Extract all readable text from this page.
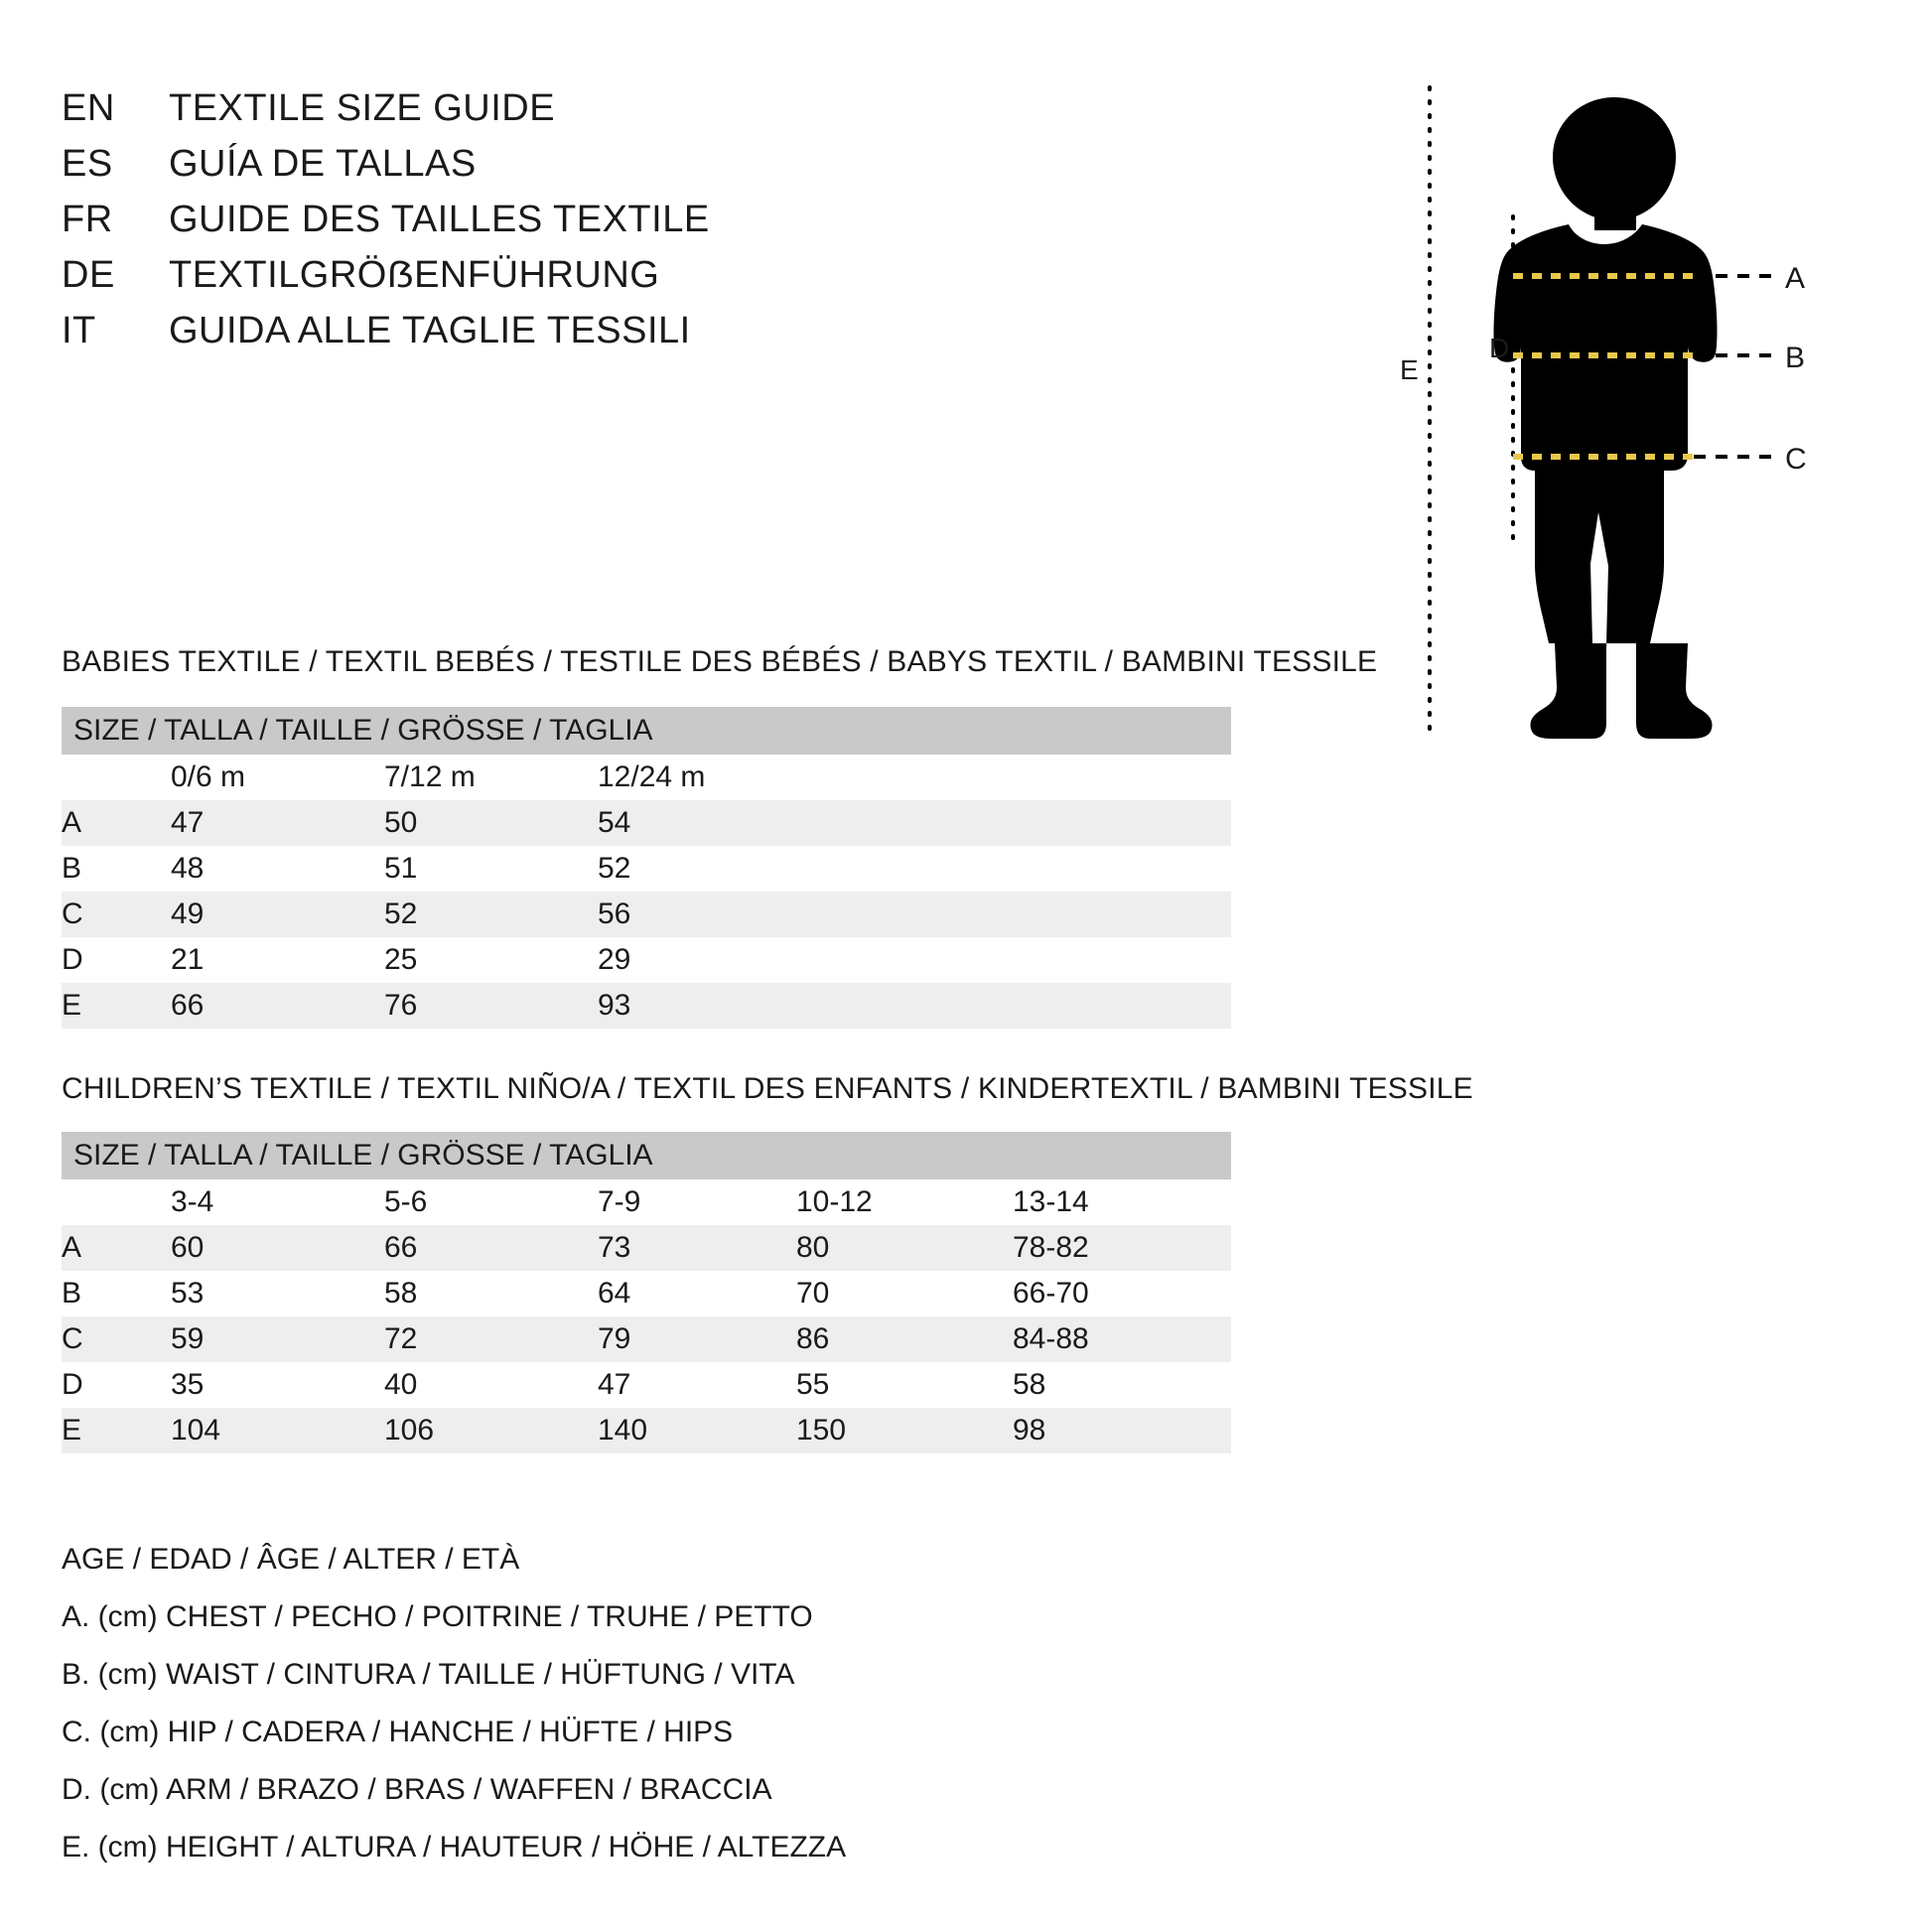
EN	TEXTILE SIZE GUIDE
ES	GUÍA DE TALLAS
FR	GUIDE DES TAILLES TEXTILE
DE	TEXTILGRÖẞENFÜHRUNG
IT	GUIDA ALLE TAGLIE TESSILI
A
B
C
D
E
BABIES TEXTILE / TEXTIL BEBÉS / TESTILE DES BÉBÉS / BABYS TEXTIL / BAMBINI TESSILE
SIZE / TALLA / TAILLE / GRÖSSE / TAGLIA			
	0/6 m	7/12 m	12/24 m
A	47	50	54
B	48	51	52
C	49	52	56
D	21	25	29
E	66	76	93
CHILDREN’S TEXTILE / TEXTIL NIÑO/A / TEXTIL DES ENFANTS / KINDERTEXTIL / BAMBINI TESSILE
SIZE / TALLA / TAILLE / GRÖSSE / TAGLIA					
	3-4	5-6	7-9	10-12	13-14
A	60	66	73	80	78-82
B	53	58	64	70	66-70
C	59	72	79	86	84-88
D	35	40	47	55	58
E	104	106	140	150	98
AGE / EDAD / ÂGE / ALTER / ETÀ
A. (cm) CHEST / PECHO / POITRINE / TRUHE / PETTO
B. (cm) WAIST / CINTURA / TAILLE / HÜFTUNG / VITA
C. (cm) HIP / CADERA / HANCHE / HÜFTE / HIPS
D. (cm) ARM / BRAZO / BRAS / WAFFEN / BRACCIA
E. (cm) HEIGHT / ALTURA / HAUTEUR / HÖHE / ALTEZZA
